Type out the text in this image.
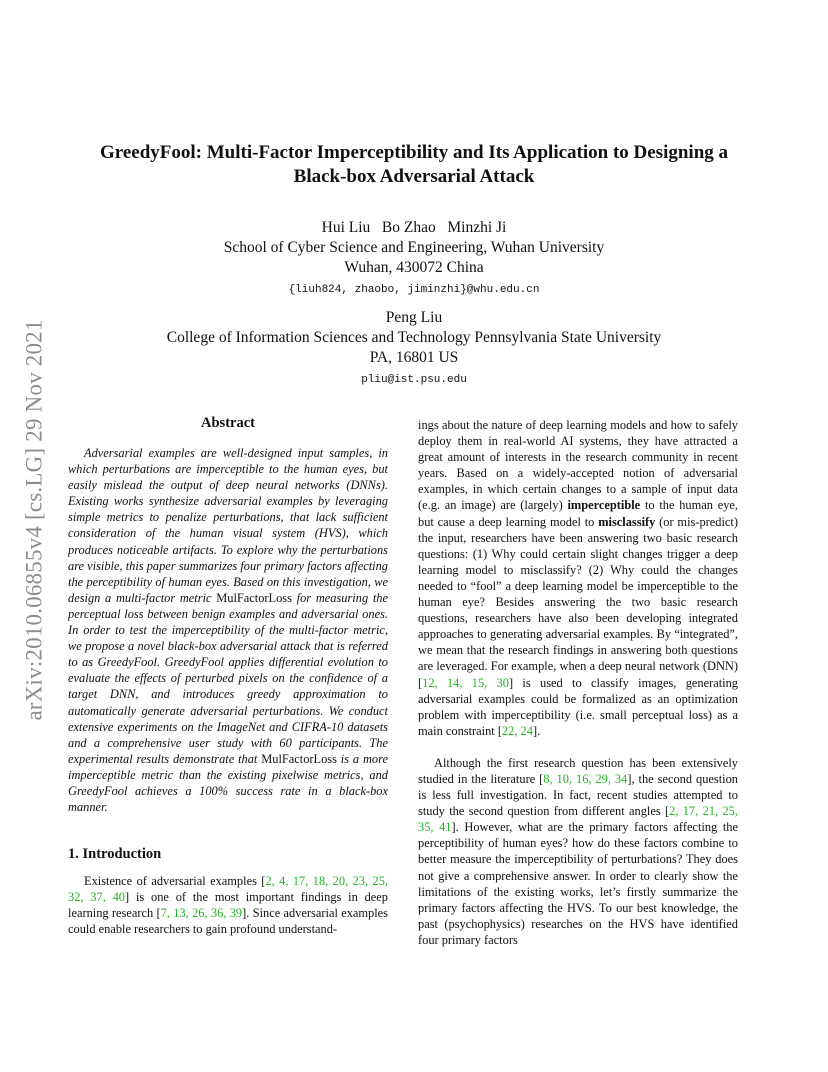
arXiv:2010.06855v4 [cs.LG] 29 Nov 2021
GreedyFool: Multi-Factor Imperceptibility and Its Application to Designing a
Black-box Adversarial Attack
Hui Liu   Bo Zhao   Minzhi Ji
School of Cyber Science and Engineering, Wuhan University
Wuhan, 430072 China
{liuh824, zhaobo, jiminzhi}@whu.edu.cn
Peng Liu
College of Information Sciences and Technology Pennsylvania State University
PA, 16801 US
pliu@ist.psu.edu
Abstract

Adversarial examples are well-designed input samples, in which perturbations are imperceptible to the human eyes, but easily mislead the output of deep neural networks (DNNs). Existing works synthesize adversarial examples by leveraging simple metrics to penalize perturbations, that lack sufficient consideration of the human visual system (HVS), which produces noticeable artifacts. To explore why the perturbations are visible, this paper summarizes four primary factors affecting the perceptibility of human eyes. Based on this investigation, we design a multi-factor metric MulFactorLoss for measuring the perceptual loss between benign examples and adversarial ones. In order to test the imperceptibility of the multi-factor metric, we propose a novel black-box adversarial attack that is referred to as GreedyFool. GreedyFool applies differential evolution to evaluate the effects of perturbed pixels on the confidence of a target DNN, and introduces greedy approximation to automatically generate adversarial perturbations. We conduct extensive experiments on the ImageNet and CIFRA-10 datasets and a comprehensive user study with 60 participants. The experimental results demonstrate that MulFactorLoss is a more imperceptible metric than the existing pixelwise metrics, and GreedyFool achieves a 100% success rate in a black-box manner.

1. Introduction

Existence of adversarial examples [2, 4, 17, 18, 20, 23, 25, 32, 37, 40] is one of the most important findings in deep learning research [7, 13, 26, 36, 39]. Since adversarial examples could enable researchers to gain profound understand-

ings about the nature of deep learning models and how to safely deploy them in real-world AI systems, they have attracted a great amount of interests in the research community in recent years. Based on a widely-accepted notion of adversarial examples, in which certain changes to a sample of input data (e.g. an image) are (largely) imperceptible to the human eye, but cause a deep learning model to misclassify (or mis-predict) the input, researchers have been answering two basic research questions: (1) Why could certain slight changes trigger a deep learning model to misclassify? (2) Why could the changes needed to “fool” a deep learning model be imperceptible to the human eye? Besides answering the two basic research questions, researchers have also been developing integrated approaches to generating adversarial examples. By “integrated”, we mean that the research findings in answering both questions are leveraged. For example, when a deep neural network (DNN) [12, 14, 15, 30] is used to classify images, generating adversarial examples could be formalized as an optimization problem with imperceptibility (i.e. small perceptual loss) as a main constraint [22, 24].

Although the first research question has been extensively studied in the literature [8, 10, 16, 29, 34], the second question is less full investigation. In fact, recent studies attempted to study the second question from different angles [2, 17, 21, 25, 35, 41]. However, what are the primary factors affecting the perceptibility of human eyes? how do these factors combine to better measure the imperceptibility of perturbations? They does not give a comprehensive answer. In order to clearly show the limitations of the existing works, let’s firstly summarize the primary factors affecting the HVS. To our best knowledge, the past (psychophysics) researches on the HVS have identified four primary factors
